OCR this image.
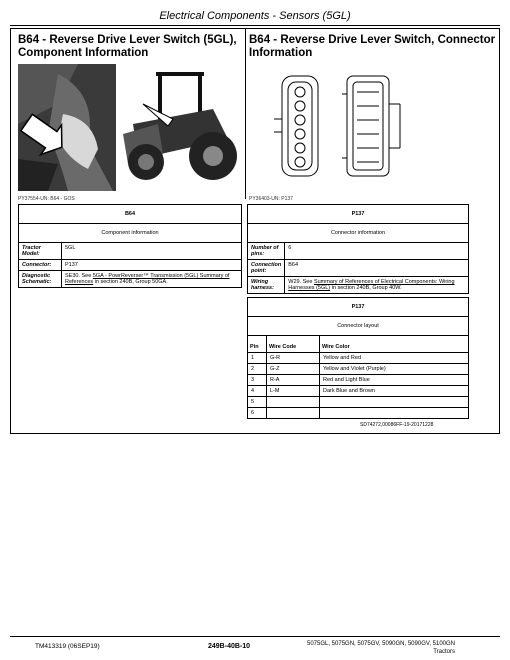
Electrical Components - Sensors (5GL)
B64 - Reverse Drive Lever Switch (5GL), Component Information
PY37554-UN: B64 - GOS
B64	
Component information	
Tractor Model:	5GL
Connector:	P137
Diagnostic Schematic:	SE30. See 5GA - PowrReverser™ Transmission (5GL) Summary of References in section 240B, Group 50GA.
B64 - Reverse Drive Lever Switch, Connector Information
PY36403-UN: P137
P137	
Connector information	
Number of pins:	6
Connection point:	B64
Wiring harness:	W29. See Summary of References of Electrical Components: Wiring Harnesses (5GL) in section 240B, Group 40W.
P137		
Connector layout		
Pin	Wire Code	Wire Color
1	G-R	Yellow and Red
2	G-Z	Yellow and Violet (Purple)
3	R-A	Red and Light Blue
4	L-M	Dark Blue and Brown
5		
6		
SD74272,00086FF-19-20171228
TM413319 (06SEP19)	249B-40B-10	5075GL, 5075GN, 5075GV, 5090GN, 5090GV, 5100GN
Tractors
